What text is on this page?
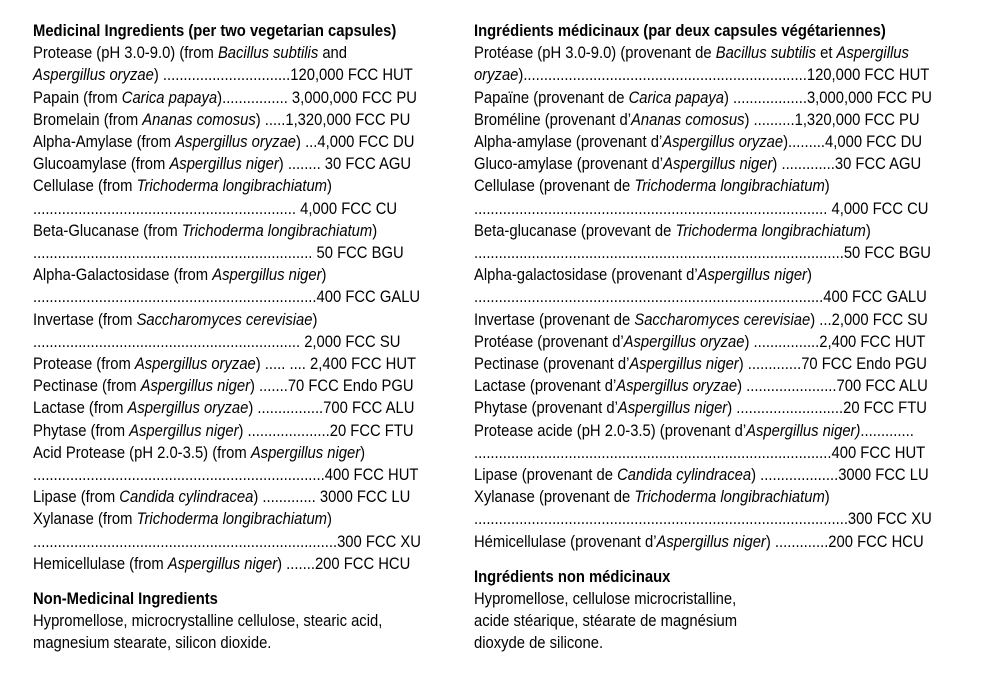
Medicinal Ingredients (per two vegetarian capsules)
Protease (pH 3.0-9.0) (from Bacillus subtilis and
Aspergillus oryzae) ...............................120,000 FCC HUT
Papain (from Carica papaya)................ 3,000,000 FCC PU
Bromelain (from Ananas comosus) .....1,320,000 FCC PU
Alpha-Amylase (from Aspergillus oryzae) ...4,000 FCC DU
Glucoamylase (from Aspergillus niger) ........ 30 FCC AGU
Cellulase (from Trichoderma longibrachiatum)
................................................................ 4,000 FCC CU
Beta-Glucanase (from Trichoderma longibrachiatum)
.................................................................... 50 FCC BGU
Alpha-Galactosidase (from Aspergillus niger)
.....................................................................400 FCC GALU
Invertase (from Saccharomyces cerevisiae)
................................................................. 2,000 FCC SU
Protease (from Aspergillus oryzae) ..... .... 2,400 FCC HUT
Pectinase (from Aspergillus niger) .......70 FCC Endo PGU
Lactase (from Aspergillus oryzae) ................700 FCC ALU
Phytase (from Aspergillus niger) ....................20 FCC FTU
Acid Protease (pH 2.0-3.5) (from Aspergillus niger)
.......................................................................400 FCC HUT
Lipase (from Candida cylindracea) ............. 3000 FCC LU
Xylanase (from Trichoderma longibrachiatum)
..........................................................................300 FCC XU
Hemicellulase (from Aspergillus niger) .......200 FCC HCU
Non-Medicinal Ingredients
Hypromellose, microcrystalline cellulose, stearic acid,
magnesium stearate, silicon dioxide.
Ingrédients médicinaux (par deux capsules végétariennes)
Protéase (pH 3.0-9.0) (provenant de Bacillus subtilis et Aspergillus
oryzae).....................................................................120,000 FCC HUT
Papaïne (provenant de Carica papaya) ..................3,000,000 FCC PU
Broméline (provenant d’Ananas comosus) ..........1,320,000 FCC PU
Alpha-amylase (provenant d’Aspergillus oryzae).........4,000 FCC DU
Gluco-amylase (provenant d’Aspergillus niger) .............30 FCC AGU
Cellulase (provenant de Trichoderma longibrachiatum)
...................................................................................... 4,000 FCC CU
Beta-glucanase (provevant de Trichoderma longibrachiatum)
..........................................................................................50 FCC BGU
Alpha-galactosidase (provenant d’Aspergillus niger)
.....................................................................................400 FCC GALU
Invertase (provenant de Saccharomyces cerevisiae) ...2,000 FCC SU
Protéase (provenant d’Aspergillus oryzae) ................2,400 FCC HUT
Pectinase (provenant d’Aspergillus niger) .............70 FCC Endo PGU
Lactase (provenant d’Aspergillus oryzae) ......................700 FCC ALU
Phytase (provenant d’Aspergillus niger) ..........................20 FCC FTU
Protease acide (pH 2.0-3.5) (provenant d’Aspergillus niger).............
.......................................................................................400 FCC HUT
Lipase (provenant de Candida cylindracea) ...................3000 FCC LU
Xylanase (provenant de Trichoderma longibrachiatum)
...........................................................................................300 FCC XU
Hémicellulase (provenant d’Aspergillus niger) .............200 FCC HCU
Ingrédients non médicinaux
Hypromellose, cellulose microcristalline,
acide stéarique, stéarate de magnésium
dioxyde de silicone.
